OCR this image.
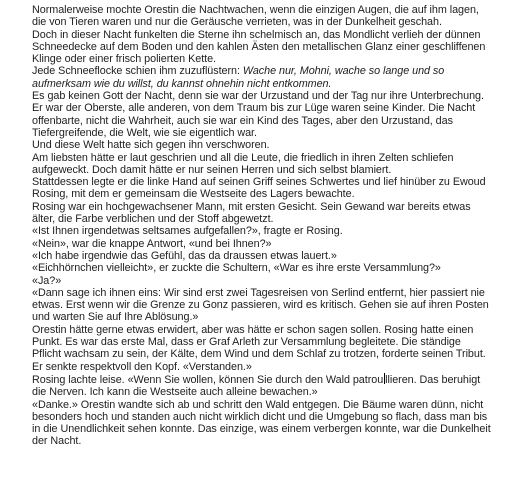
Normalerweise mochte Orestin die Nachtwachen, wenn die einzigen Augen, die auf ihm lagen, die von Tieren waren und nur die Geräusche verrieten, was in der Dunkelheit geschah.

Doch in dieser Nacht funkelten die Sterne ihn schelmisch an, das Mondlicht verlieh der dünnen Schneedecke auf dem Boden und den kahlen Ästen den metallischen Glanz einer geschliffenen Klinge oder einer frisch polierten Kette.

Jede Schneeflocke schien ihm zuzuflüstern: Wache nur, Mohni, wache so lange und so aufmerksam wie du willst, du kannst ohnehin nicht entkommen.

Es gab keinen Gott der Nacht, denn sie war der Urzustand und der Tag nur ihre Unterbrechung. Er war der Oberste, alle anderen, von dem Traum bis zur Lüge waren seine Kinder. Die Nacht offenbarte, nicht die Wahrheit, auch sie war ein Kind des Tages, aber den Urzustand, das Tiefergreifende, die Welt, wie sie eigentlich war.

Und diese Welt hatte sich gegen ihn verschworen.

Am liebsten hätte er laut geschrien und all die Leute, die friedlich in ihren Zelten schliefen aufgeweckt. Doch damit hätte er nur seinen Herren und sich selbst blamiert.

Stattdessen legte er die linke Hand auf seinen Griff seines Schwertes und lief hinüber zu Ewoud Rosing, mit dem er gemeinsam die Westseite des Lagers bewachte.

Rosing war ein hochgewachsener Mann, mit ersten Gesicht. Sein Gewand war bereits etwas älter, die Farbe verblichen und der Stoff abgewetzt.

«Ist Ihnen irgendetwas seltsames aufgefallen?», fragte er Rosing.

«Nein», war die knappe Antwort, «und bei Ihnen?»

«Ich habe irgendwie das Gefühl, das da draussen etwas lauert.»

«Eichhörnchen vielleicht», er zuckte die Schultern, «War es ihre erste Versammlung?»

«Ja?»

«Dann sage ich ihnen eins: Wir sind erst zwei Tagesreisen von Serlind entfernt, hier passiert nie etwas. Erst wenn wir die Grenze zu Gonz passieren, wird es kritisch. Gehen sie auf ihren Posten und warten Sie auf Ihre Ablösung.»

Orestin hätte gerne etwas erwidert, aber was hätte er schon sagen sollen. Rosing hatte einen Punkt. Es war das erste Mal, dass er Graf Arleth zur Versammlung begleitete. Die ständige Pflicht wachsam zu sein, der Kälte, dem Wind und dem Schlaf zu trotzen, forderte seinen Tribut.

Er senkte respektvoll den Kopf. «Verstanden.»

Rosing lachte leise. «Wenn Sie wollen, können Sie durch den Wald patrou llieren. Das beruhigt die Nerven. Ich kann die Westseite auch alleine bewachen.»

«Danke.» Orestin wandte sich ab und schritt den Wald entgegen. Die Bäume waren dünn, nicht besonders hoch und standen auch nicht wirklich dicht und die Umgebung so flach, dass man bis in die Unendlichkeit sehen konnte. Das einzige, was einem verbergen konnte, war die Dunkelheit der Nacht.
